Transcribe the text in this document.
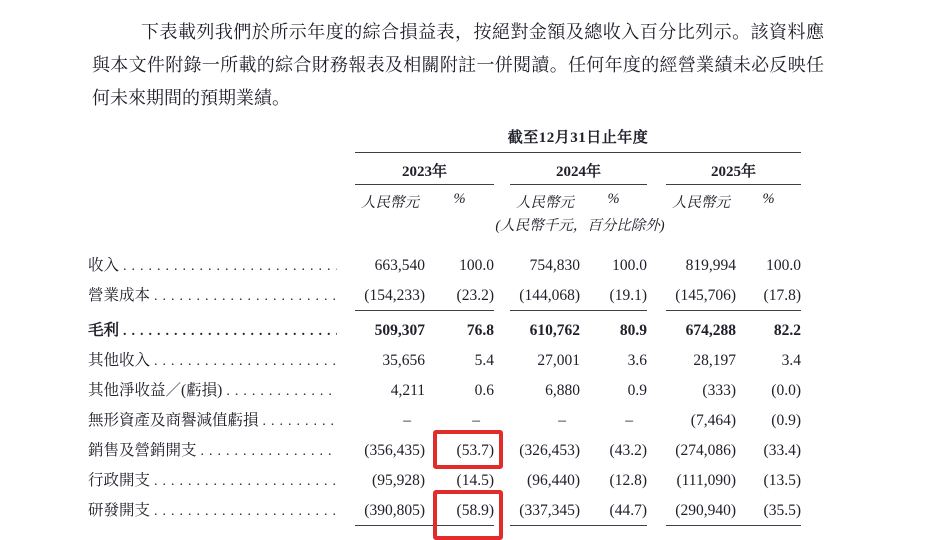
下表載列我們於所示年度的綜合損益表，按絕對金額及總收入百分比列示。該資料應與本文件附錄一所載的綜合財務報表及相關附註一併閱讀。任何年度的經營業績未必反映任何未來期間的預期業績。

截至12月31日止年度
2023年	2024年	2025年
人民幣元	%	人民幣元	%	人民幣元	%
(人民幣千元，百分比除外)
收入 .....	663,540	100.0	754,830	100.0	819,994	100.0
營業成本 .....	(154,233)	(23.2)	(144,068)	(19.1)	(145,706)	(17.8)
毛利 .....	509,307	76.8	610,762	80.9	674,288	82.2
其他收入 .....	35,656	5.4	27,001	3.6	28,197	3.4
其他淨收益／(虧損) .....	4,211	0.6	6,880	0.9	(333)	(0.0)
無形資產及商譽減值虧損 .....	–	–	–	–	(7,464)	(0.9)
銷售及營銷開支 .....	(356,435)	(53.7)	(326,453)	(43.2)	(274,086)	(33.4)
行政開支 .....	(95,928)	(14.5)	(96,440)	(12.8)	(111,090)	(13.5)
研發開支 .....	(390,805)	(58.9)	(337,345)	(44.7)	(290,940)	(35.5)
